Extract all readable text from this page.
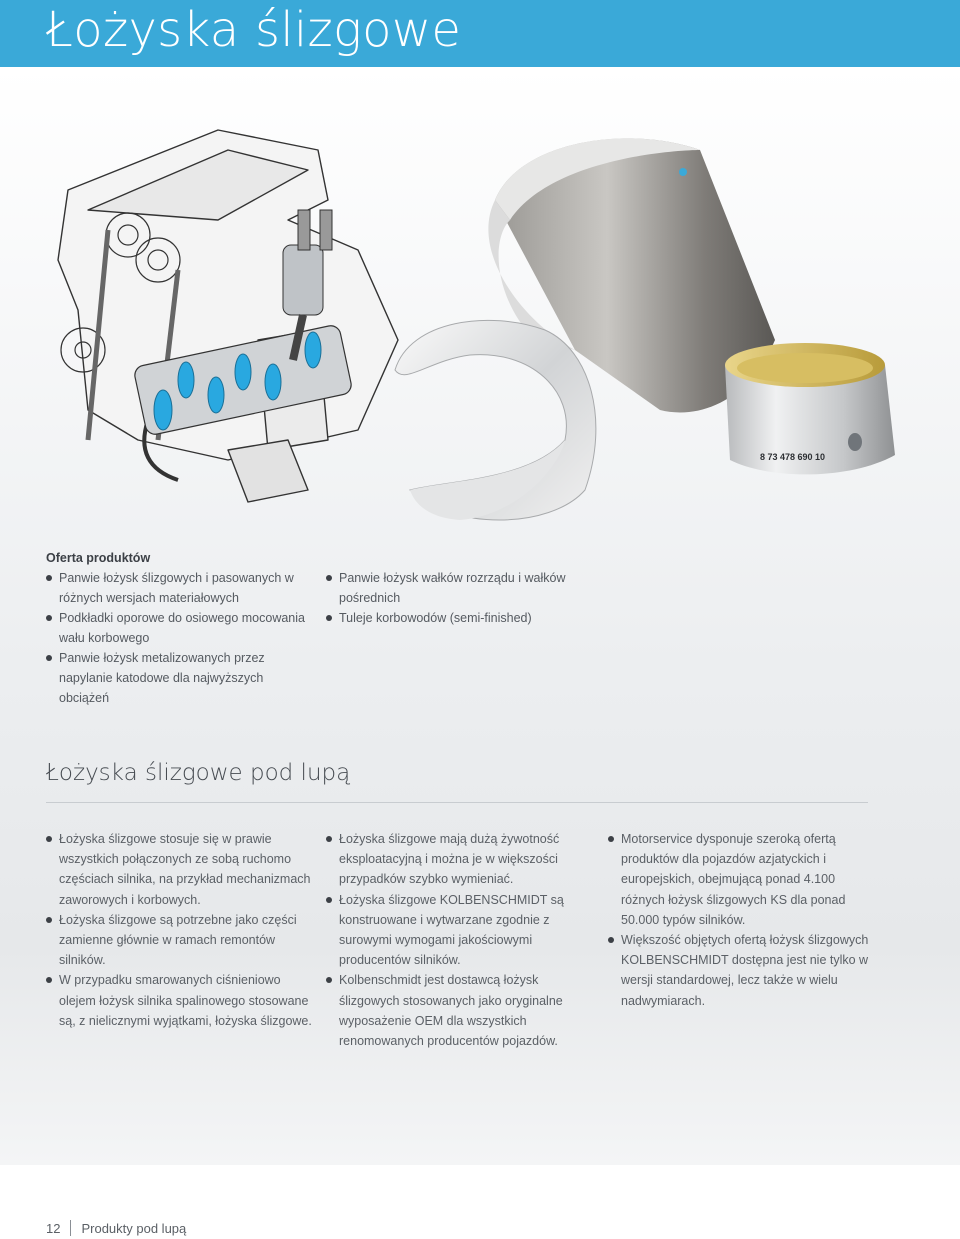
Łożyska ślizgowe
8 73 478 690 10
Oferta produktów
Panwie łożysk ślizgowych i pasowanych w różnych wersjach materiałowych
Podkładki oporowe do osiowego mocowania wału korbowego
Panwie łożysk metalizowanych przez napylanie katodowe dla najwyższych obciążeń
Panwie łożysk wałków rozrządu i wałków pośrednich
Tuleje korbowodów (semi-finished)
Łożyska ślizgowe pod lupą
Łożyska ślizgowe stosuje się w prawie wszystkich połączonych ze sobą ruchomo częściach silnika, na przykład mechanizmach zaworowych i korbowych.
Łożyska ślizgowe są potrzebne jako części zamienne głównie w ramach remontów silników.
W przypadku smarowanych ciśnieniowo olejem łożysk silnika spalinowego stosowane są, z nielicznymi wyjątkami, łożyska ślizgowe.
Łożyska ślizgowe mają dużą żywotność eksploatacyjną i można je w większości przypadków szybko wymieniać.
Łożyska ślizgowe KOLBENSCHMIDT są konstruowane i wytwarzane zgodnie z surowymi wymogami jakościowymi producentów silników.
Kolbenschmidt jest dostawcą łożysk ślizgowych stosowanych jako oryginalne wyposażenie OEM dla wszystkich renomowanych producentów pojazdów.
Motorservice dysponuje szeroką ofertą produktów dla pojazdów azjatyckich i europejskich, obejmującą ponad 4.100 różnych łożysk ślizgowych KS dla ponad 50.000 typów silników.
Większość objętych ofertą łożysk ślizgowych KOLBENSCHMIDT dostępna jest nie tylko w wersji standardowej, lecz także w wielu nadwymiarach.
12 Produkty pod lupą
